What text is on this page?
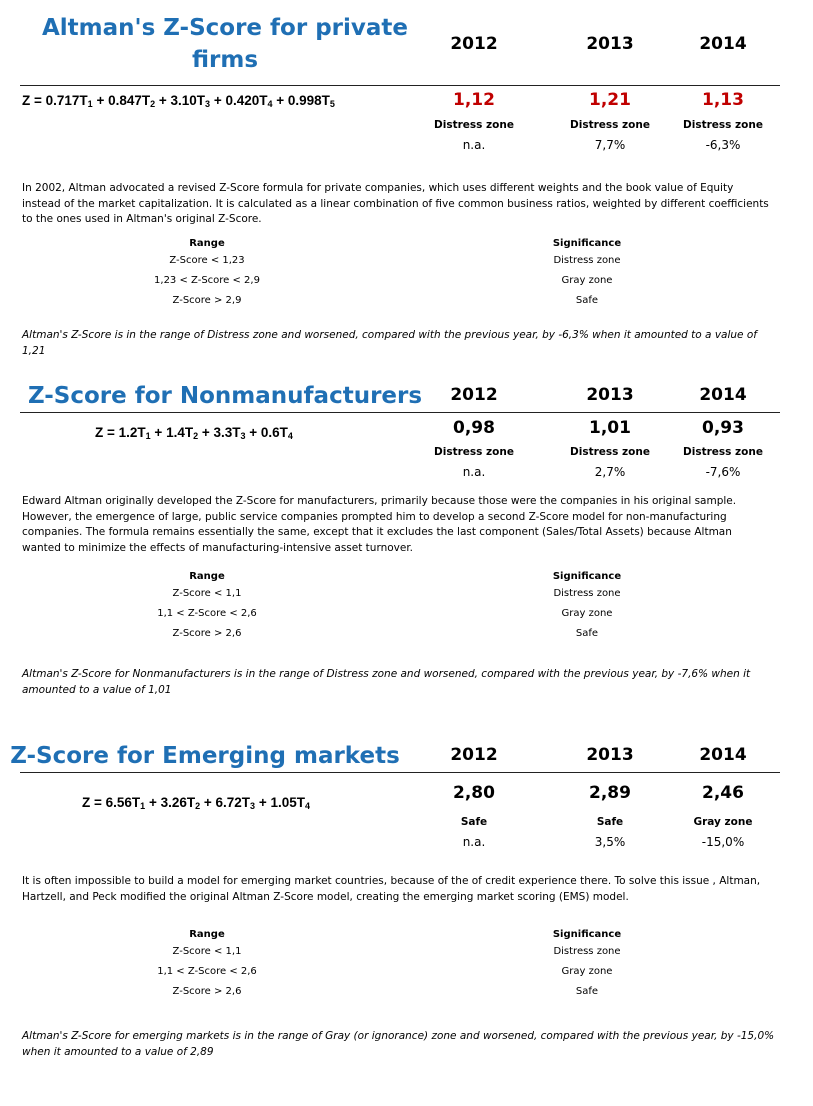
Altman's Z-Score for private
firms
2012	2013	2014
$Z = 0.717T_1 + 0.847T_2 + 3.10T_3 + 0.420T_4 + 0.998T_5$	1,12	1,21	1,13
Distress zone	Distress zone	Distress zone
n.a.	7,7%	-6,3%
In 2002, Altman advocated a revised Z-Score formula for private companies, which uses different weights and the book value of Equity instead of the market capitalization. It is calculated as a linear combination of five common business ratios, weighted by different coefficients to the ones used in Altman's original Z-Score.
Range	Significance
Z-Score < 1,23	Distress zone
1,23 < Z-Score < 2,9	Gray zone
Z-Score > 2,9	Safe
Altman's Z-Score is in the range of Distress zone and worsened, compared with the previous year, by -6,3% when it amounted to a value of 1,21
Z-Score for Nonmanufacturers	2012	2013	2014
$Z = 1.2T_1 + 1.4T_2 + 3.3T_3 + 0.6T_4$	0,98	1,01	0,93
Distress zone	Distress zone	Distress zone
n.a.	2,7%	-7,6%
Edward Altman originally developed the Z-Score for manufacturers, primarily because those were the companies in his original sample. However, the emergence of large, public service companies prompted him to develop a second Z-Score model for non-manufacturing companies. The formula remains essentially the same, except that it excludes the last component (Sales/Total Assets) because Altman wanted to minimize the effects of manufacturing-intensive asset turnover.
Range	Significance
Z-Score < 1,1	Distress zone
1,1 < Z-Score < 2,6	Gray zone
Z-Score > 2,6	Safe
Altman's Z-Score for Nonmanufacturers is in the range of Distress zone and worsened, compared with the previous year, by -7,6% when it amounted to a value of 1,01
Z-Score for Emerging markets	2012	2013	2014
$Z = 6.56T_1 + 3.26T_2 + 6.72T_3 + 1.05T_4$
2,80	2,89	2,46
Safe	Safe	Gray zone
n.a.	3,5%	-15,0%
It is often impossible to build a model for emerging market countries, because of the of credit experience there. To solve this issue , Altman, Hartzell, and Peck modified the original Altman Z-Score model, creating the emerging market scoring (EMS) model.
Range	Significance
Z-Score < 1,1	Distress zone
1,1 < Z-Score < 2,6	Gray zone
Z-Score > 2,6	Safe
Altman's Z-Score for emerging markets is in the range of Gray (or ignorance) zone and worsened, compared with the previous year, by -15,0% when it amounted to a value of 2,89
